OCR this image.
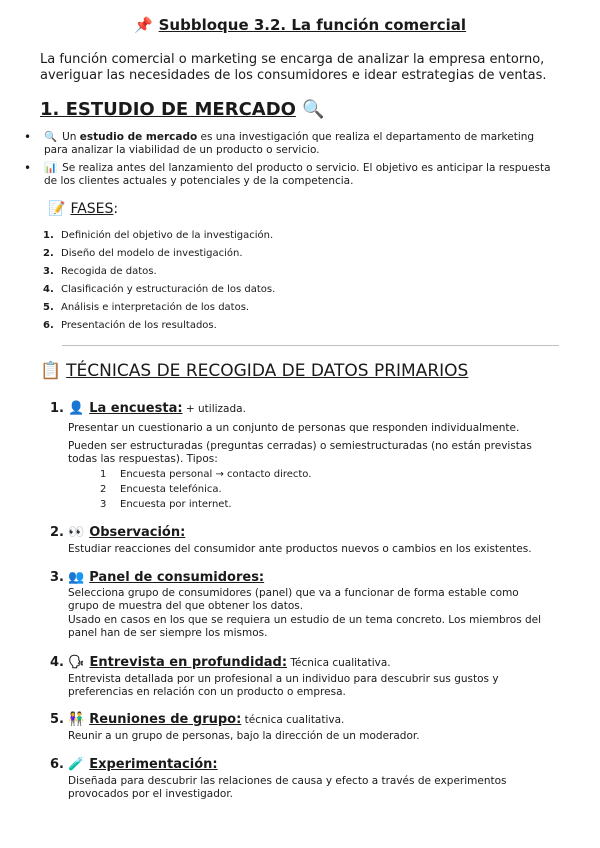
📌 Subbloque 3.2. La función comercial
La función comercial o marketing se encarga de analizar la empresa entorno, averiguar las necesidades de los consumidores e idear estrategias de ventas.
1. ESTUDIO DE MERCADO 🔍
• 🔍 Un estudio de mercado es una investigación que realiza el departamento de marketing para analizar la viabilidad de un producto o servicio.
• 📊 Se realiza antes del lanzamiento del producto o servicio. El objetivo es anticipar la respuesta de los clientes actuales y potenciales y de la competencia.
📝 FASES:
1. Definición del objetivo de la investigación.
2. Diseño del modelo de investigación.
3. Recogida de datos.
4. Clasificación y estructuración de los datos.
5. Análisis e interpretación de los datos.
6. Presentación de los resultados.
📋 TÉCNICAS DE RECOGIDA DE DATOS PRIMARIOS
1. 👤 La encuesta: + utilizada.
Presentar un cuestionario a un conjunto de personas que responden individualmente.
Pueden ser estructuradas (preguntas cerradas) o semiestructuradas (no están previstas todas las respuestas). Tipos:
1 Encuesta personal → contacto directo.
2 Encuesta telefónica.
3 Encuesta por internet.
2. 👀 Observación:
Estudiar reacciones del consumidor ante productos nuevos o cambios en los existentes.
3. 👥 Panel de consumidores:
Selecciona grupo de consumidores (panel) que va a funcionar de forma estable como grupo de muestra del que obtener los datos.
Usado en casos en los que se requiera un estudio de un tema concreto. Los miembros del panel han de ser siempre los mismos.
4. 🗣 Entrevista en profundidad: Técnica cualitativa.
Entrevista detallada por un profesional a un individuo para descubrir sus gustos y preferencias en relación con un producto o empresa.
5. 👫 Reuniones de grupo: técnica cualitativa.
Reunir a un grupo de personas, bajo la dirección de un moderador.
6. 🧪 Experimentación:
Diseñada para descubrir las relaciones de causa y efecto a través de experimentos provocados por el investigador.
